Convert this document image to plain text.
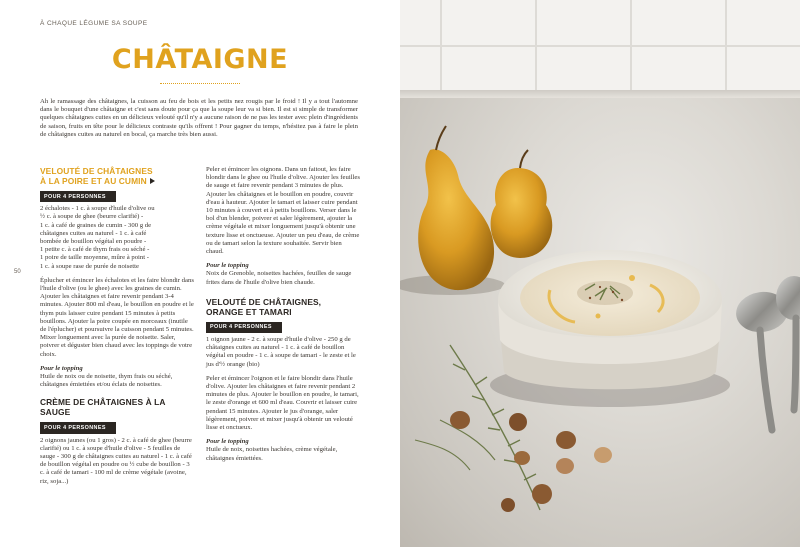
À CHAQUE LÉGUME SA SOUPE
CHÂTAIGNE

Ah le ramassage des châtaignes, la cuisson au feu de bois et les petits nez rougis par le froid ! Il y a tout l'automne dans le bouquet d'une châtaigne et c'est sans doute pour ça que la soupe leur va si bien. Il est si simple de transformer quelques châtaignes cuites en un délicieux velouté qu'il n'y a aucune raison de ne pas les tester avec plein d'ingrédients de saison, fruits en tête pour le délicieux contraste qu'ils offrent ! Pour gagner du temps, n'hésitez pas à faire le plein de châtaignes cuites au naturel en bocal, ça marche très bien aussi.

50
VELOUTÉ DE CHÂTAIGNES
À LA POIRE ET AU CUMIN
POUR 4 PERSONNES
2 échalotes - 1 c. à soupe d'huile d'olive ou
½ c. à soupe de ghee (beurre clarifié) -
1 c. à café de graines de cumin - 300 g de
châtaignes cuites au naturel - 1 c. à café
bombée de bouillon végétal en poudre -
1 petite c. à café de thym frais ou séché -
1 poire de taille moyenne, mûre à point -
1 c. à soupe rase de purée de noisette

Éplucher et émincer les échalotes et les faire blondir dans l'huile d'olive (ou le ghee) avec les graines de cumin. Ajouter les châtaignes et faire revenir pendant 3-4 minutes. Ajouter 800 ml d'eau, le bouillon en poudre et le thym puis laisser cuire pendant 15 minutes à petits bouillons. Ajouter la poire coupée en morceaux (inutile de l'éplucher) et poursuivre la cuisson pendant 5 minutes. Mixer longuement avec la purée de noisette. Saler, poivrer et déguster bien chaud avec les toppings de votre choix.

Pour le topping

Huile de noix ou de noisette, thym frais ou séché, châtaignes émiettées et/ou éclats de noisettes.

CRÈME DE CHÂTAIGNES À LA SAUGE
POUR 4 PERSONNES

2 oignons jaunes (ou 1 gros) - 2 c. à café de ghee (beurre clarifié) ou 1 c. à soupe d'huile d'olive - 5 feuilles de sauge - 300 g de châtaignes cuites au naturel - 1 c. à café de bouillon végétal en poudre ou ½ cube de bouillon - 3 c. à café de tamari - 100 ml de crème végétale (avoine, riz, soja...)

Peler et émincer les oignons. Dans un faitout, les faire blondir dans le ghee ou l'huile d'olive. Ajouter les feuilles de sauge et faire revenir pendant 3 minutes de plus. Ajouter les châtaignes et le bouillon en poudre, couvrir d'eau à hauteur. Ajouter le tamari et laisser cuire pendant 10 minutes à couvert et à petits bouillons. Verser dans le bol d'un blender, poivrer et saler légèrement, ajouter la crème végétale et mixer longuement jusqu'à obtenir une texture lisse et onctueuse. Ajouter un peu d'eau, de crème ou de tamari selon la texture souhaitée. Servir bien chaud.

Pour le topping

Noix de Grenoble, noisettes hachées, feuilles de sauge frites dans de l'huile d'olive bien chaude.

VELOUTÉ DE CHÂTAIGNES,
ORANGE ET TAMARI
POUR 4 PERSONNES

1 oignon jaune - 2 c. à soupe d'huile d'olive - 250 g de châtaignes cuites au naturel - 1 c. à café de bouillon végétal en poudre - 1 c. à soupe de tamari - le zeste et le jus d'½ orange (bio)

Peler et émincer l'oignon et le faire blondir dans l'huile d'olive. Ajouter les châtaignes et faire revenir pendant 2 minutes de plus. Ajouter le bouillon en poudre, le tamari, le zeste d'orange et 600 ml d'eau. Couvrir et laisser cuire pendant 15 minutes. Ajouter le jus d'orange, saler légèrement, poivrer et mixer jusqu'à obtenir un velouté lisse et onctueux.

Pour le topping

Huile de noix, noisettes hachées, crème végétale, châtaignes émiettées.
